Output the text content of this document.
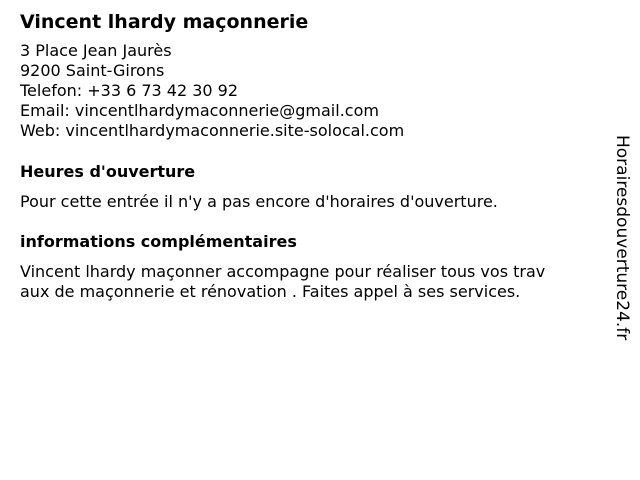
Vincent lhardy maçonnerie
3 Place Jean Jaurès
9200 Saint-Girons
Telefon: +33 6 73 42 30 92
Email: vincentlhardymaconnerie@gmail.com
Web: vincentlhardymaconnerie.site-solocal.com
Heures d'ouverture
Pour cette entrée il n'y a pas encore d'horaires d'ouverture.
informations complémentaires
Vincent lhardy maçonner accompagne pour réaliser tous vos trav
aux de maçonnerie et rénovation . Faites appel à ses services.	Horairesdouverture24.fr
